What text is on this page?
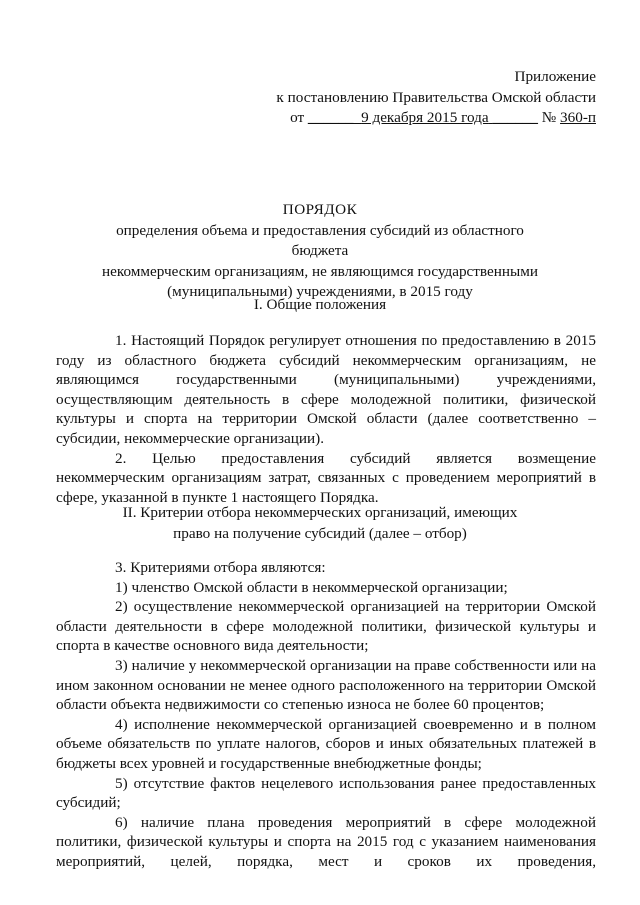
Приложение
к постановлению Правительства Омской области
от ______ 9 декабря 2015 года ______ № 360-п
ПОРЯДОК
определения объема и предоставления субсидий из областного бюджета
некоммерческим организациям, не являющимся государственными
(муниципальными) учреждениями, в 2015 году
I. Общие положения

1. Настоящий Порядок регулирует отношения по предоставлению в 2015 году из областного бюджета субсидий некоммерческим организациям, не являющимся государственными (муниципальными) учреждениями, осуществляющим деятельность в сфере молодежной политики, физической культуры и спорта на территории Омской области (далее соответственно – субсидии, некоммерческие организации).

2. Целью предоставления субсидий является возмещение некоммерческим организациям затрат, связанных с проведением мероприятий в сфере, указанной в пункте 1 настоящего Порядка.

II. Критерии отбора некоммерческих организаций, имеющих
право на получение субсидий (далее – отбор)

3. Критериями отбора являются:

1) членство Омской области в некоммерческой организации;

2) осуществление некоммерческой организацией на территории Омской области деятельности в сфере молодежной политики, физической культуры и спорта в качестве основного вида деятельности;

3) наличие у некоммерческой организации на праве собственности или на ином законном основании не менее одного расположенного на территории Омской области объекта недвижимости со степенью износа не более 60 процентов;

4) исполнение некоммерческой организацией своевременно и в полном объеме обязательств по уплате налогов, сборов и иных обязательных платежей в бюджеты всех уровней и государственные внебюджетные фонды;

5) отсутствие фактов нецелевого использования ранее предоставленных субсидий;

6) наличие плана проведения мероприятий в сфере молодежной политики, физической культуры и спорта на 2015 год с указанием наименования мероприятий, целей, порядка, мест и сроков их проведения,
